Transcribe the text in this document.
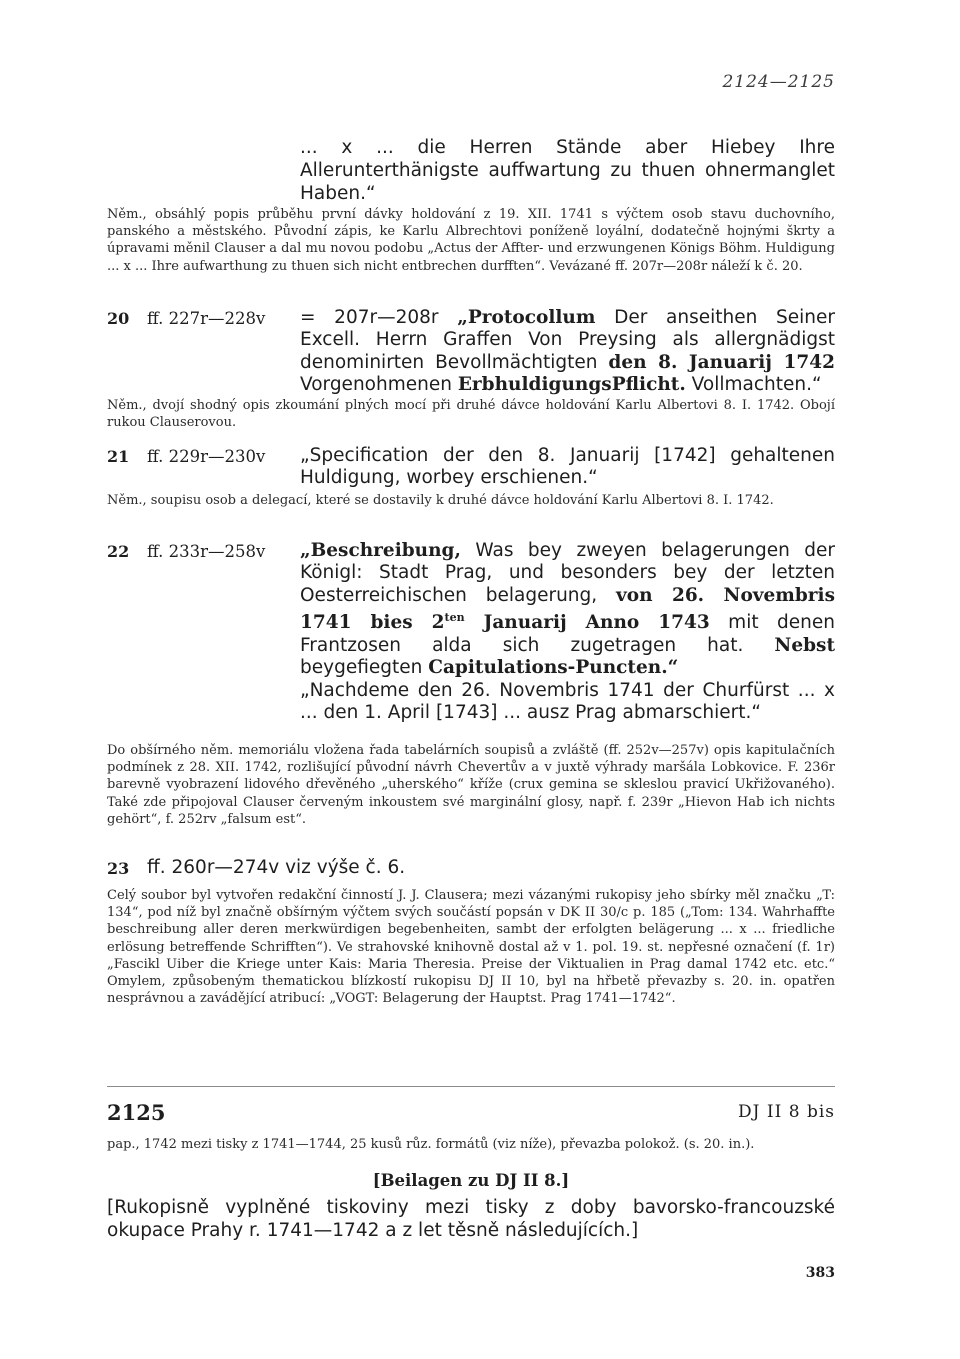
2124—2125
... x ... die Herren Stände aber Hiebey Ihre Allerunterthänigste auffwartung zu thuen ohnermanglet Haben.“
Něm., obsáhlý popis průběhu první dávky holdování z 19. XII. 1741 s výčtem osob stavu duchovního, panského a městského. Původní zápis, ke Karlu Albrechtovi poníženě loyální, dodatečně hojnými škrty a úpravami měnil Clauser a dal mu novou podobu „Actus der Affter- und erzwungenen Königs Böhm. Huldigung ... x ... Ihre aufwarthung zu thuen sich nicht entbrechen durfften“. Vevázané ff. 207r—208r náleží k č. 20.
20 ff. 227r—228v = 207r—208r „Protocollum Der anseithen Seiner Excell. Herrn Graffen Von Preysing als allergnädigst denominirten Bevollmächtigten den 8. Januarij 1742 Vorgenohmenen ErbhuldigungsPflicht. Vollmachten.“
Něm., dvojí shodný opis zkoumání plných mocí při druhé dávce holdování Karlu Albertovi 8. I. 1742. Obojí rukou Clauserovou.
21 ff. 229r—230v „Specification der den 8. Januarij [1742] gehaltenen Huldigung, worbey erschienen.“
Něm., soupisu osob a delegací, které se dostavily k druhé dávce holdování Karlu Albertovi 8. I. 1742.
22 ff. 233r—258v „Beschreibung, Was bey zweyen belagerungen der Königl: Stadt Prag, und besonders bey der letzten Oesterreichischen belagerung, von 26. Novembris 1741 bies $2^{ten}$ Januarij Anno 1743 mit denen Frantzosen alda sich zugetragen hat. Nebst beygefiegten Capitulations-Puncten.“
„Nachdeme den 26. Novembris 1741 der Churfürst ... x ... den 1. April [1743] ... ausz Prag abmarschiert.“
Do obšírného něm. memoriálu vložena řada tabelárních soupisů a zvláště (ff. 252v—257v) opis kapitulačních podmínek z 28. XII. 1742, rozlišující původní návrh Chevertův a v juxtě výhrady maršála Lobkovice. F. 236r barevně vyobrazení lidového dřevěného „uherského“ kříže (crux gemina se skleslou pravicí Ukřižovaného). Také zde připojoval Clauser červeným inkoustem své marginální glosy, např. f. 239r „Hievon Hab ich nichts gehört“, f. 252rv „falsum est“.
23 ff. 260r—274v viz výše č. 6.
Celý soubor byl vytvořen redakční činností J. J. Clausera; mezi vázanými rukopisy jeho sbírky měl značku „T: 134“, pod níž byl značně obšírným výčtem svých součástí popsán v DK II 30/c p. 185 („Tom: 134. Wahrhaffte beschreibung aller deren merkwürdigen begebenheiten, sambt der erfolgten belägerung ... x ... friedliche erlösung betreffende Schrifften“). Ve strahovské knihovně dostal až v 1. pol. 19. st. nepřesné označení (f. 1r) „Fascikl Uiber die Kriege unter Kais: Maria Theresia. Preise der Viktualien in Prag damal 1742 etc. etc.“ Omylem, způsobeným thematickou blízkostí rukopisu DJ II 10, byl na hřbetě převazby s. 20. in. opatřen nesprávnou a zavádějící atribucí: „VOGT: Belagerung der Hauptst. Prag 1741—1742“.
2125	DJ II 8 bis
pap., 1742 mezi tisky z 1741—1744, 25 kusů růz. formátů (viz níže), převazba polokož. (s. 20. in.).
[Beilagen zu DJ II 8.]
[Rukopisně vyplněné tiskoviny mezi tisky z doby bavorsko-francouzské okupace Prahy r. 1741—1742 a z let těsně následujících.]
383
